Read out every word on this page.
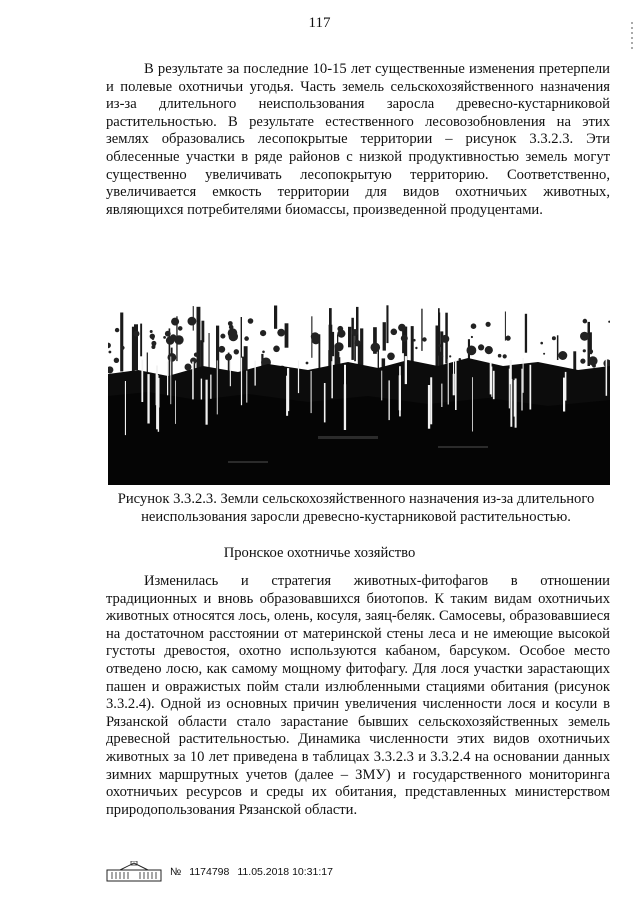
117

В результате за последние 10-15 лет существенные изменения претерпели и полевые охотничьи угодья. Часть земель сельскохозяйственного назначения из-за длительного неиспользования заросла древесно-кустарниковой растительностью. В результате естественного лесовозобновления на этих землях образовались лесопокрытые территории – рисунок 3.3.2.3. Эти облесенные участки в ряде районов с низкой продуктивностью земель могут существенно увеличивать лесопокрытую территорию. Соответственно, увеличивается емкость территории для видов охотничьих животных, являющихся потребителями биомассы, произведенной продуцентами.

Рисунок 3.3.2.3. Земли сельскохозяйственного назначения из-за длительного неиспользования заросли древесно-кустарниковой растительностью.

Пронское охотничье хозяйство

Изменилась и стратегия животных-фитофагов в отношении традиционных и вновь образовавшихся биотопов. К таким видам охотничьих животных относятся лось, олень, косуля, заяц-беляк. Самосевы, образовавшиеся на достаточном расстоянии от материнской стены леса и не имеющие высокой густоты древостоя, охотно используются кабаном, барсуком. Особое место отведено лосю, как самому мощному фитофагу. Для лося участки зарастающих пашен и овражистых пойм стали излюбленными стациями обитания (рисунок 3.3.2.4). Одной из основных причин увеличения численности лося и косули в Рязанской области стало зарастание бывших сельскохозяйственных земель древесной растительностью. Динамика численности этих видов охотничьих животных за 10 лет приведена в таблицах 3.3.2.3 и 3.3.2.4 на основании данных зимних маршрутных учетов (далее – ЗМУ) и государственного мониторинга охотничьих ресурсов и среды их обитания, представленных министерством природопользования Рязанской области.

№ 1174798 11.05.2018 10:31:17
